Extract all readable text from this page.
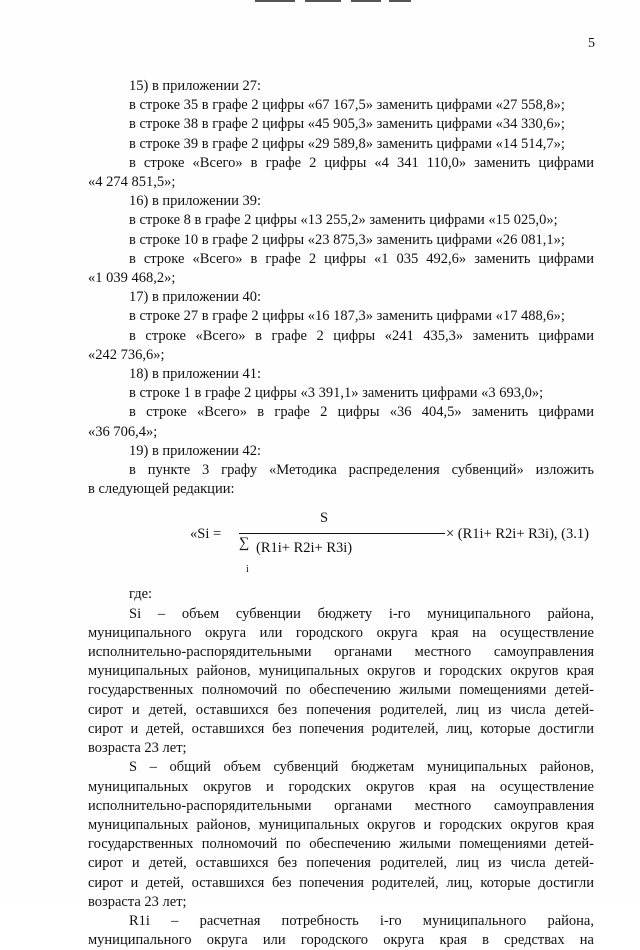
5

15) в приложении 27:

в строке 35 в графе 2 цифры «67 167,5» заменить цифрами «27 558,8»;

в строке 38 в графе 2 цифры «45 905,3» заменить цифрами «34 330,6»;

в строке 39 в графе 2 цифры «29 589,8» заменить цифрами «14 514,7»;

в строке «Всего» в графе 2 цифры «4 341 110,0» заменить цифрами

«4 274 851,5»;

16) в приложении 39:

в строке 8 в графе 2 цифры «13 255,2» заменить цифрами «15 025,0»;

в строке 10 в графе 2 цифры «23 875,3» заменить цифрами «26 081,1»;

в строке «Всего» в графе 2 цифры «1 035 492,6» заменить цифрами

«1 039 468,2»;

17) в приложении 40:

в строке 27 в графе 2 цифры «16 187,3» заменить цифрами «17 488,6»;

в строке «Всего» в графе 2 цифры «241 435,3» заменить цифрами

«242 736,6»;

18) в приложении 41:

в строке 1 в графе 2 цифры «3 391,1» заменить цифрами «3 693,0»;

в строке «Всего» в графе 2 цифры «36 404,5» заменить цифрами

«36 706,4»;

19) в приложении 42:

в пункте 3 графу «Методика распределения субвенций» изложить

в следующей редакции:

«Si =
S
∑ (R1i+ R2i+ R3i)
i
× (R1i+ R2i+ R3i), (3.1)

где:

Si – объем субвенции бюджету i-го муниципального района,

муниципального округа или городского округа края на осуществление

исполнительно-распорядительными органами местного самоуправления

муниципальных районов, муниципальных округов и городских округов края

государственных полномочий по обеспечению жилыми помещениями детей-

сирот и детей, оставшихся без попечения родителей, лиц из числа детей-

сирот и детей, оставшихся без попечения родителей, лиц, которые достигли

возраста 23 лет;

S – общий объем субвенций бюджетам муниципальных районов,

муниципальных округов и городских округов края на осуществление

исполнительно-распорядительными органами местного самоуправления

муниципальных районов, муниципальных округов и городских округов края

государственных полномочий по обеспечению жилыми помещениями детей-

сирот и детей, оставшихся без попечения родителей, лиц из числа детей-

сирот и детей, оставшихся без попечения родителей, лиц, которые достигли

возраста 23 лет;

R1i – расчетная потребность i-го муниципального района,

муниципального округа или городского округа края в средствах на
